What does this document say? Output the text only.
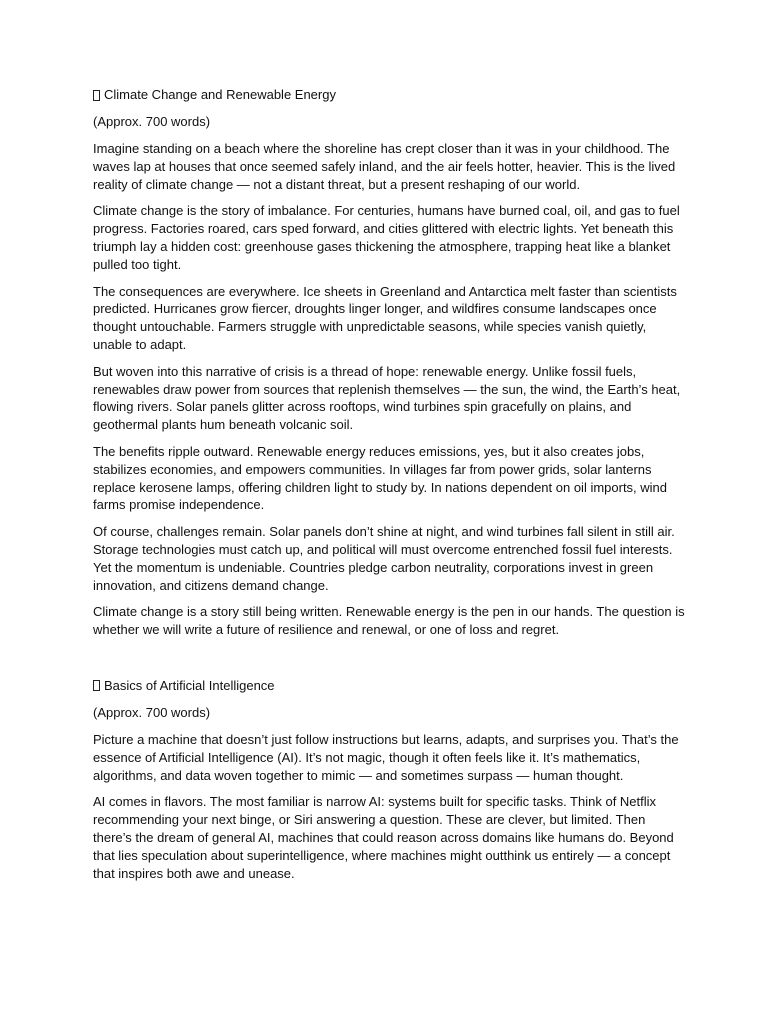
Climate Change and Renewable Energy

(Approx. 700 words)

Imagine standing on a beach where the shoreline has crept closer than it was in your childhood. The waves lap at houses that once seemed safely inland, and the air feels hotter, heavier. This is the lived reality of climate change — not a distant threat, but a present reshaping of our world.

Climate change is the story of imbalance. For centuries, humans have burned coal, oil, and gas to fuel progress. Factories roared, cars sped forward, and cities glittered with electric lights. Yet beneath this triumph lay a hidden cost: greenhouse gases thickening the atmosphere, trapping heat like a blanket pulled too tight.

The consequences are everywhere. Ice sheets in Greenland and Antarctica melt faster than scientists predicted. Hurricanes grow fiercer, droughts linger longer, and wildfires consume landscapes once thought untouchable. Farmers struggle with unpredictable seasons, while species vanish quietly, unable to adapt.

But woven into this narrative of crisis is a thread of hope: renewable energy. Unlike fossil fuels, renewables draw power from sources that replenish themselves — the sun, the wind, the Earth’s heat, flowing rivers. Solar panels glitter across rooftops, wind turbines spin gracefully on plains, and geothermal plants hum beneath volcanic soil.

The benefits ripple outward. Renewable energy reduces emissions, yes, but it also creates jobs, stabilizes economies, and empowers communities. In villages far from power grids, solar lanterns replace kerosene lamps, offering children light to study by. In nations dependent on oil imports, wind farms promise independence.

Of course, challenges remain. Solar panels don’t shine at night, and wind turbines fall silent in still air. Storage technologies must catch up, and political will must overcome entrenched fossil fuel interests. Yet the momentum is undeniable. Countries pledge carbon neutrality, corporations invest in green innovation, and citizens demand change.

Climate change is a story still being written. Renewable energy is the pen in our hands. The question is whether we will write a future of resilience and renewal, or one of loss and regret.

Basics of Artificial Intelligence

(Approx. 700 words)

Picture a machine that doesn’t just follow instructions but learns, adapts, and surprises you. That’s the essence of Artificial Intelligence (AI). It’s not magic, though it often feels like it. It’s mathematics, algorithms, and data woven together to mimic — and sometimes surpass — human thought.

AI comes in flavors. The most familiar is narrow AI: systems built for specific tasks. Think of Netflix recommending your next binge, or Siri answering a question. These are clever, but limited. Then there’s the dream of general AI, machines that could reason across domains like humans do. Beyond that lies speculation about superintelligence, where machines might outthink us entirely — a concept that inspires both awe and unease.
